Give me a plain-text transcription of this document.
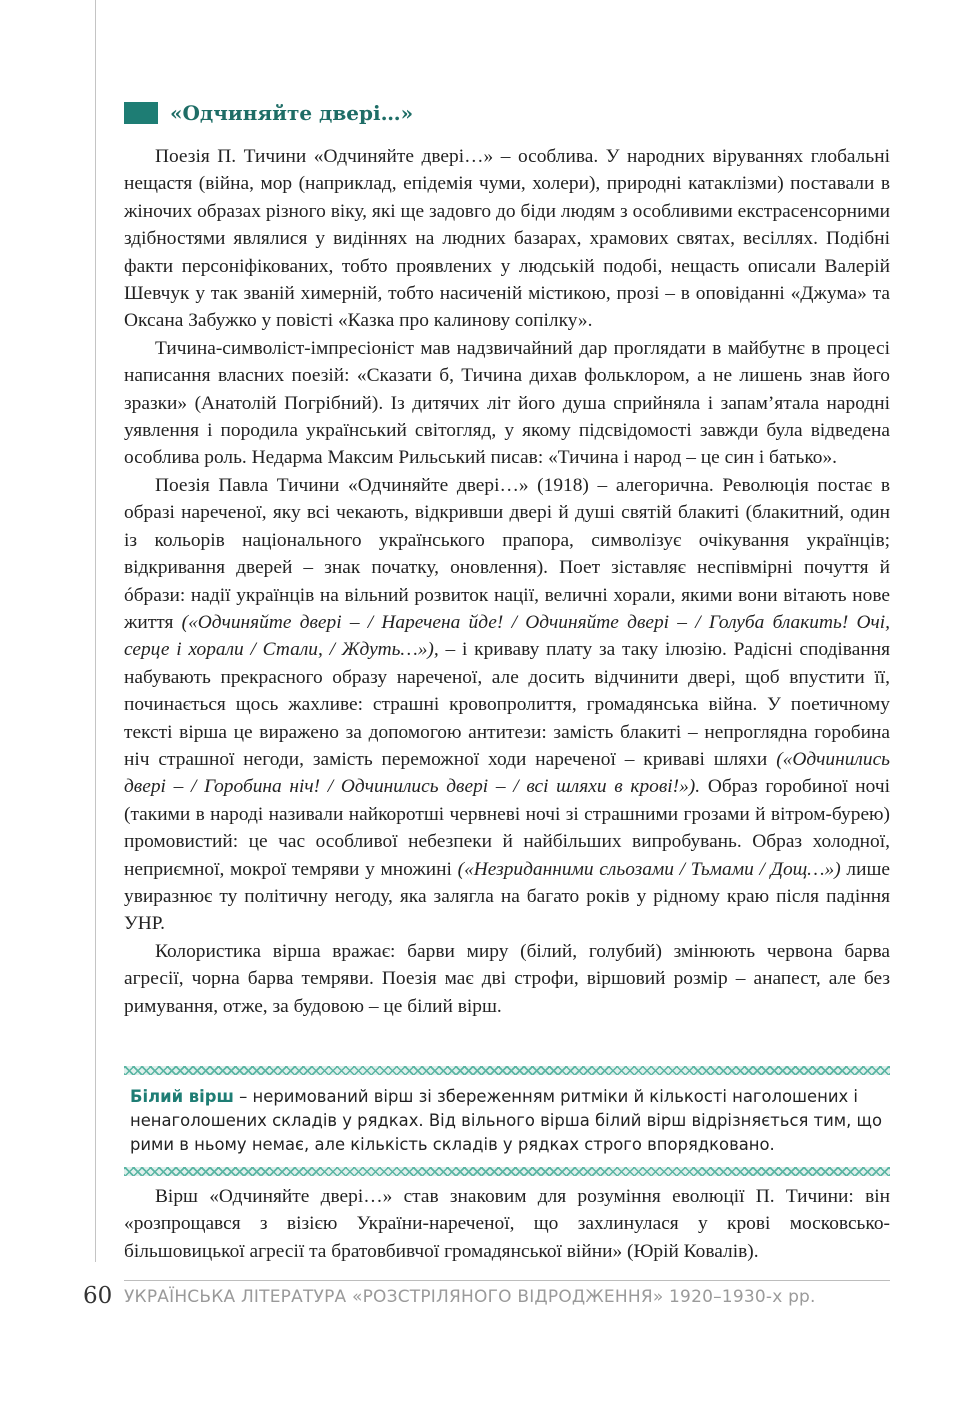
«Одчиняйте двері…»

Поезія П. Тичини «Одчиняйте двері…» – особлива. У народних віруваннях глобальні нещастя (війна, мор (наприклад, епідемія чуми, холери), природні катаклізми) поставали в жіночих образах різного віку, які ще задовго до біди людям з особливими екстрасенсорними здібностями являлися у видіннях на людних базарах, храмових святах, весіллях. Подібні факти персоніфікованих, тобто проявлених у людській подобі, нещасть описали Валерій Шевчук у так званій химерній, тобто насиченій містикою, прозі – в оповіданні «Джума» та Оксана Забужко у повісті «Казка про калинову сопілку».

Тичина-символіст-імпресіоніст мав надзвичайний дар проглядати в майбутнє в процесі написання власних поезій: «Сказати б, Тичина дихав фольклором, а не лишень знав його зразки» (Анатолій Погрібний). Із дитячих літ його душа сприйняла і запам’ятала народні уявлення і породила український світогляд, у якому підсвідомості завжди була відведена особлива роль. Недарма Максим Рильський писав: «Тичина і народ – це син і батько».

Поезія Павла Тичини «Одчиняйте двері…» (1918) – алегорична. Революція постає в образі нареченої, яку всі чекають, відкривши двері й душі святій блакиті (блакитний, один із кольорів національного українського прапора, символізує очікування українців; відкривання дверей – знак початку, оновлення). Поет зіставляє неспівмірні почуття й óбрази: надії українців на вільний розвиток нації, величні хорали, якими вони вітають нове життя («Одчиняйте двері – / Наречена йде! / Одчиняйте двері – / Голуба блакить! Очі, серце і хорали / Стали, / Ждуть…»), – і криваву плату за таку ілюзію. Радісні сподівання набувають прекрасного образу нареченої, але досить відчинити двері, щоб впустити її, починається щось жахливе: страшні кровопролиття, громадянська війна. У поетичному тексті вірша це виражено за допомогою антитези: замість блакиті – непроглядна горобина ніч страшної негоди, замість переможної ходи нареченої – криваві шляхи («Одчинились двері – / Горобина ніч! / Одчинились двері – / всі шляхи в крові!»). Образ горобиної ночі (такими в народі називали найкоротші червневі ночі зі страшними грозами й вітром-бурею) промовистий: це час особливої небезпеки й найбільших випробувань. Образ холодної, неприємної, мокрої темряви у множині («Незриданними сльозами / Тьмами / Дощ…») лише увиразнює ту політичну негоду, яка залягла на багато років у рідному краю після падіння УНР.

Колористика вірша вражає: барви миру (білий, голубий) змінюють червона барва агресії, чорна барва темряви. Поезія має дві строфи, віршовий розмір – анапест, але без римування, отже, за будовою – це білий вірш.

Білий вірш – неримований вірш зі збереженням ритміки й кількості наголошених і ненаголошених складів у рядках. Від вільного вірша білий вірш відрізняється тим, що рими в ньому немає, але кількість складів у рядках строго впорядковано.

Вірш «Одчиняйте двері…» став знаковим для розуміння еволюції П. Тичини: він «розпрощався з візією України-нареченої, що захлинулася у крові московсько-більшовицької агресії та братовбивчої громадянської війни» (Юрій Ковалів).

60 УКРАЇНСЬКА ЛІТЕРАТУРА «РОЗСТРІЛЯНОГО ВІДРОДЖЕННЯ» 1920–1930-х рр.
